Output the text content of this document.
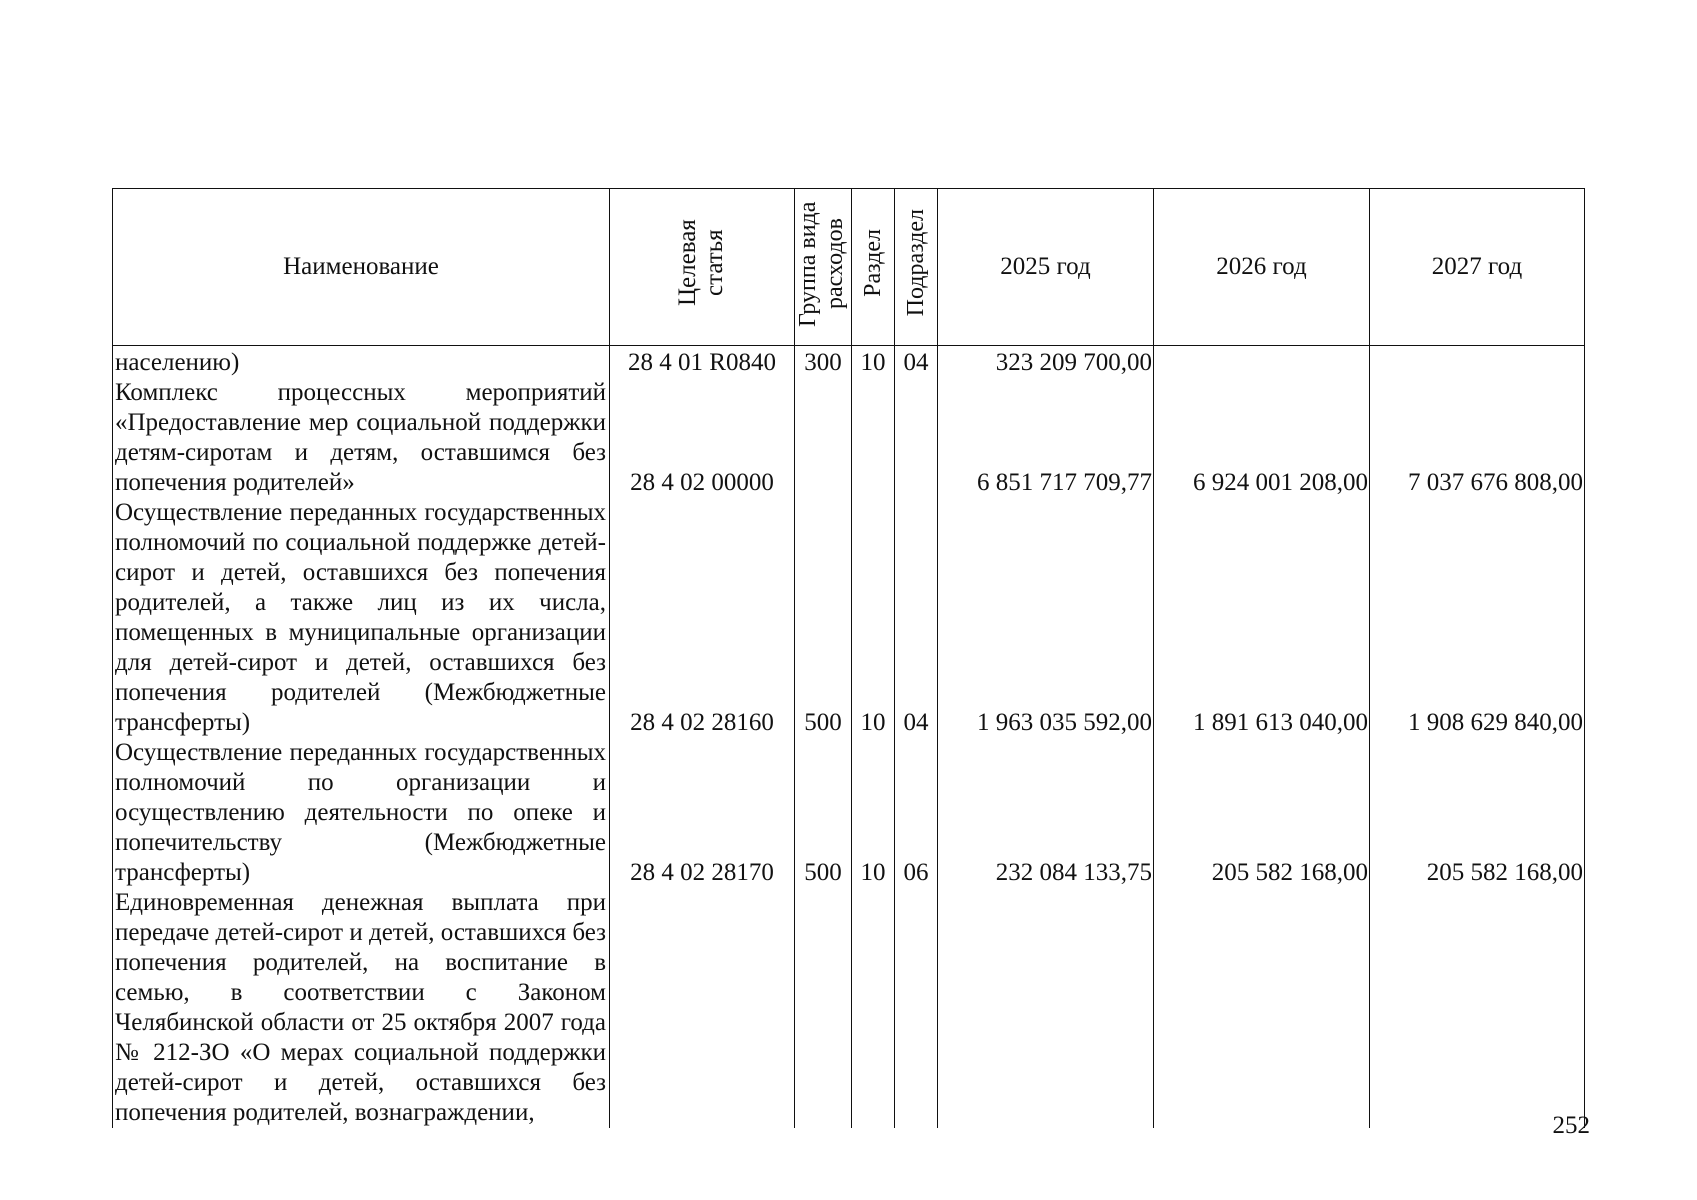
Наименование	Целевая статья	Группа вида расходов	Раздел	Подраздел	2025 год	2026 год	2027 год
населению)	28 4 01 R0840	300	10	04	323 209 700,00		
Комплекс процессных мероприятий «Предоставление мер социальной поддержки детям-сиротам и детям, оставшимся без попечения родителей»	28 4 02 00000				6 851 717 709,77	6 924 001 208,00	7 037 676 808,00
Осуществление переданных государственных полномочий по социальной поддержке детей-сирот и детей, оставшихся без попечения родителей, а также лиц из их числа, помещенных в муниципальные организации для детей-сирот и детей, оставшихся без попечения родителей (Межбюджетные трансферты)	28 4 02 28160	500	10	04	1 963 035 592,00	1 891 613 040,00	1 908 629 840,00
Осуществление переданных государственных полномочий по организации и осуществлению деятельности по опеке и попечительству (Межбюджетные трансферты)	28 4 02 28170	500	10	06	232 084 133,75	205 582 168,00	205 582 168,00
Единовременная денежная выплата при передаче детей-сирот и детей, оставшихся без попечения родителей, на воспитание в семью, в соответствии с Законом Челябинской области от 25 октября 2007 года № 212-ЗО «О мерах социальной поддержки детей-сирот и детей, оставшихся без попечения родителей, вознаграждении,								252
